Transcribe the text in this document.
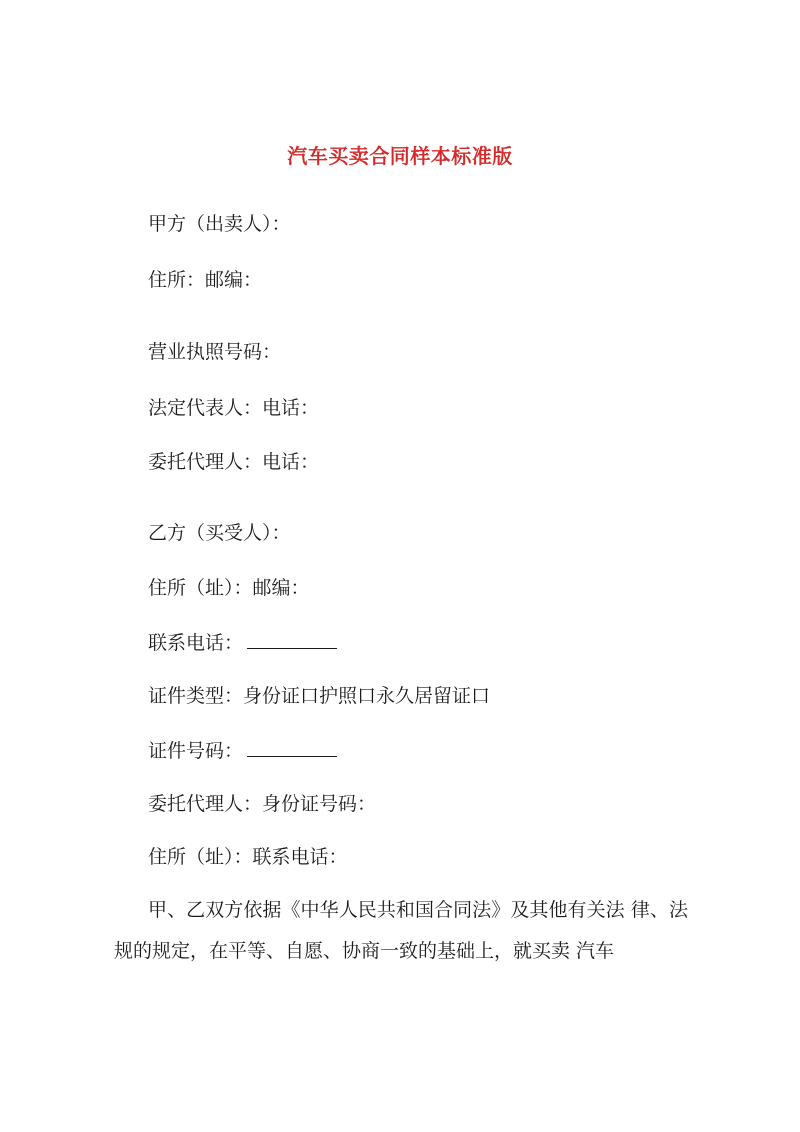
汽车买卖合同样本标准版
甲方（出卖人）：
住所：邮编：
营业执照号码：
法定代表人：电话：
委托代理人：电话：
乙方（买受人）：
住所（址）：邮编：
联系电话：
证件类型：身份证口护照口永久居留证口
证件号码：
委托代理人：身份证号码：
住所（址）：联系电话：
甲、乙双方依据《中华人民共和国合同法》及其他有关法 律、法规的规定，在平等、自愿、协商一致的基础上，就买卖 汽车
